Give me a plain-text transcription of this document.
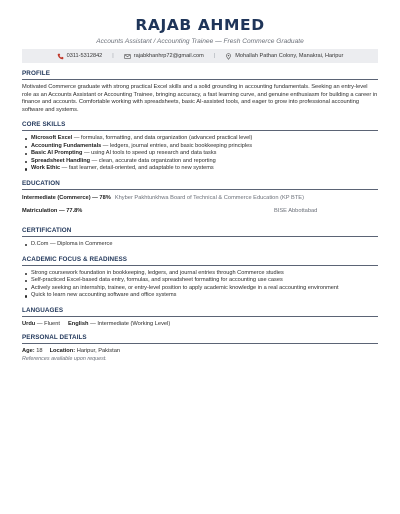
RAJAB AHMED
Accounts Assistant / Accounting Trainee — Fresh Commerce Graduate
0311-5312842 |	rajabkhanhrp72@gmail.com |	Mohallah Pathan Colony, Manakrai, Haripur
PROFILE
Motivated Commerce graduate with strong practical Excel skills and a solid grounding in accounting fundamentals. Seeking an entry-level role as an Accounts Assistant or Accounting Trainee, bringing accuracy, a fast learning curve, and genuine enthusiasm for building a career in finance and accounts. Comfortable working with spreadsheets, basic AI-assisted tools, and eager to grow into professional accounting software and systems.
CORE SKILLS
Microsoft Excel — formulas, formatting, and data organization (advanced practical level)
Accounting Fundamentals — ledgers, journal entries, and basic bookkeeping principles
Basic AI Prompting — using AI tools to speed up research and data tasks
Spreadsheet Handling — clean, accurate data organization and reporting
Work Ethic — fast learner, detail-oriented, and adaptable to new systems
EDUCATION
Intermediate (Commerce) — 78% Khyber Pakhtunkhwa Board of Technical & Commerce Education (KP BTE)
Matriculation — 77.8%	BISE Abbottabad
CERTIFICATION
D.Com — Diploma in Commerce
ACADEMIC FOCUS & READINESS
Strong coursework foundation in bookkeeping, ledgers, and journal entries through Commerce studies
Self-practiced Excel-based data entry, formulas, and spreadsheet formatting for accounting use cases
Actively seeking an internship, trainee, or entry-level position to apply academic knowledge in a real accounting environment
Quick to learn new accounting software and office systems
LANGUAGES
Urdu — Fluent English — Intermediate (Working Level)
PERSONAL DETAILS
Age: 18 Location: Haripur, Pakistan
References available upon request.
